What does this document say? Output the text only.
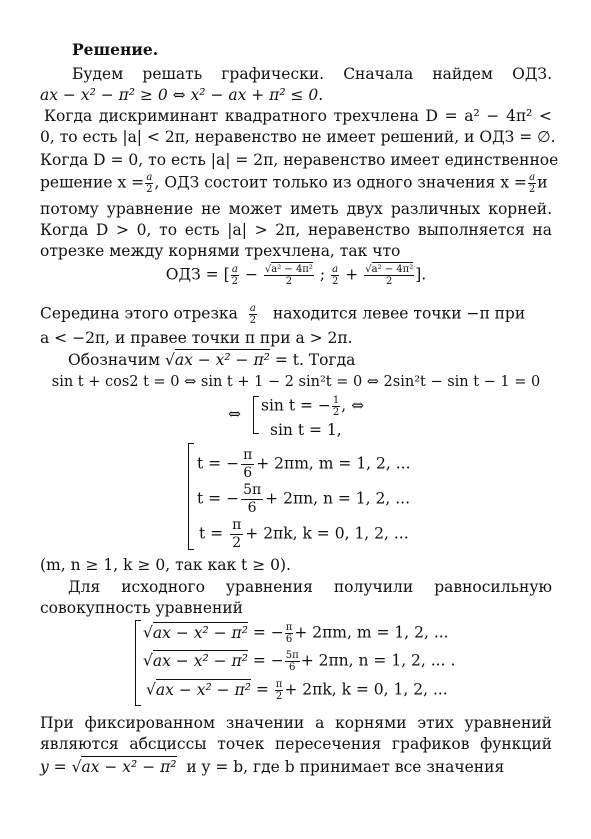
Решение.
Будем решать графически. Сначала найдем ОДЗ.
ax − x² − π² ≥ 0 ⇔ x² − ax + π² ≤ 0.
Когда дискриминант квадратного трехчлена D = a² − 4π² <
0, то есть |a| < 2π, неравенство не имеет решений, и ОДЗ = ∅.
Когда D = 0, то есть |a| = 2π, неравенство имеет единственное
решение $x = \frac{a}{2}$ , ОДЗ состоит только из одного значения $x = \frac{a}{2}$ и
потому уравнение не может иметь двух различных корней.
Когда D > 0, то есть |a| > 2π, неравенство выполняется на
отрезке между корнями трехчлена, так что
ОДЗ = [ $\frac{a}{2} - \frac{\text{√a² − 4π²}}{2}$ ; $\frac{a}{2} + \frac{\text{√a² − 4π²}}{2}$ ].
Середина этого отрезка $\frac{a}{2}$ находится левее точки −π при
a < −2π, и правее точки π при a > 2π.
Обозначим √ax − x² − π² = t. Тогда
sin t + cos2 t = 0 ⇔ sin t + 1 − 2 sin²t = 0 ⇔ 2sin²t − sin t − 1 = 0
⇔ sin t = − $\frac{1}{2}$ , ⇔
sin t = 1,
t = − $\frac{\pi}{6} + 2\pi m$, m = 1, 2, ...
t = − $\frac{5\pi}{6} + 2\pi n$, n = 1, 2, ...
$t = \frac{\pi}{2} + 2\pi k$, k = 0, 1, 2, ...
(m, n ≥ 1, k ≥ 0, так как t ≥ 0).
Для исходного уравнения получили равносильную
совокупность уравнений
√ax − x² − π² = − $\frac{\pi}{6} + 2\pi m$, m = 1, 2, ...
√ax − x² − π² = − $\frac{5\pi}{6} + 2\pi n$, n = 1, 2, ... .
$√ax - x^2 - \pi^2 = \frac{\pi}{2} + 2\pi k$, k = 0, 1, 2, ...
При фиксированном значении a корнями этих уравнений
являются абсциссы точек пересечения графиков функций
y = √ax − x² − π² и y = b, где b принимает все значения
